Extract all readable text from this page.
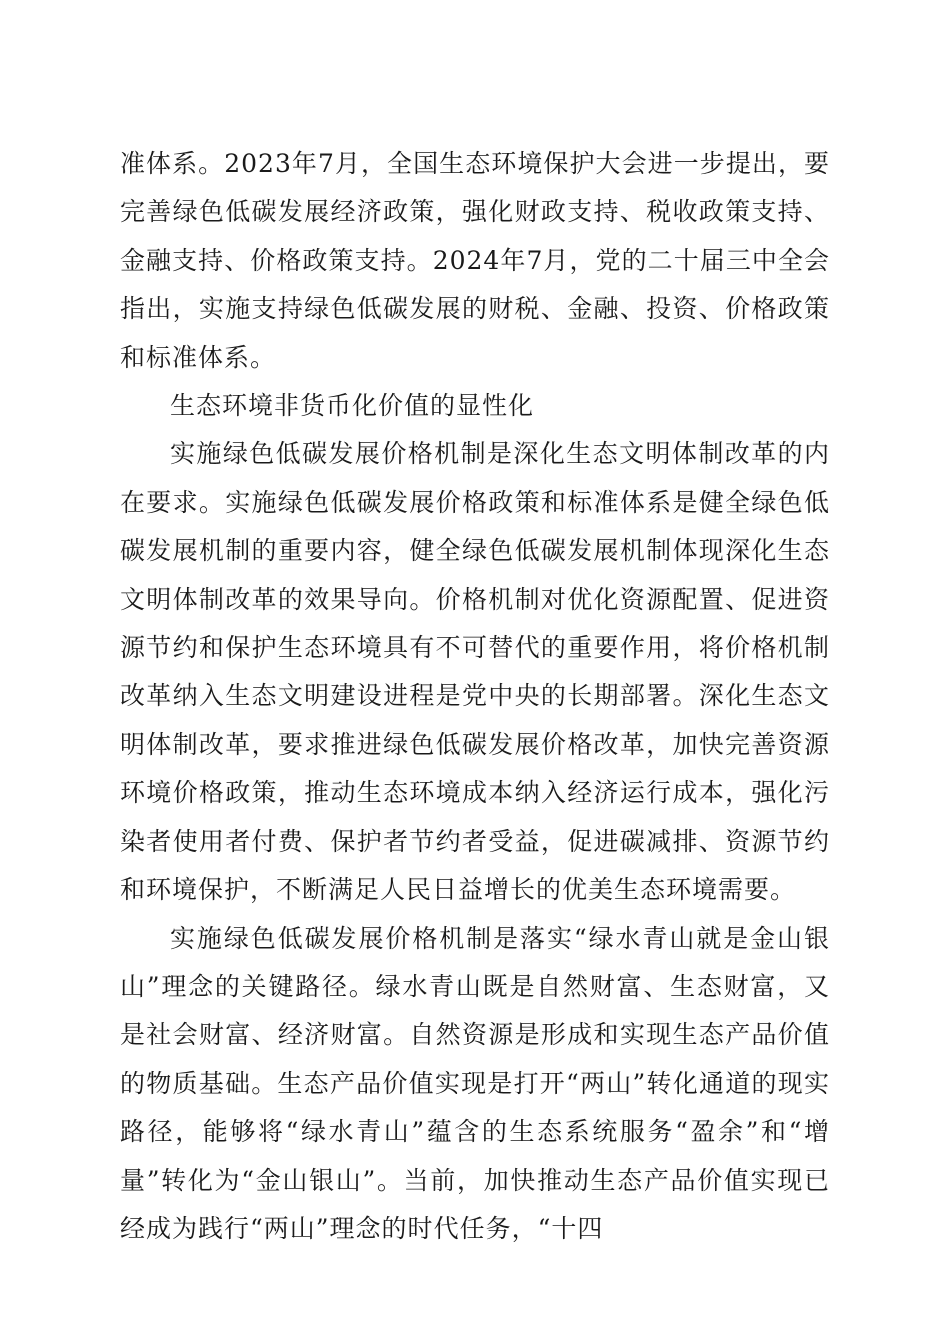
准体系。2023年7月，全国生态环境保护大会进一步提出，要完善绿色低碳发展经济政策，强化财政支持、税收政策支持、金融支持、价格政策支持。2024年7月，党的二十届三中全会指出，实施支持绿色低碳发展的财税、金融、投资、价格政策和标准体系。

生态环境非货币化价值的显性化

实施绿色低碳发展价格机制是深化生态文明体制改革的内在要求。实施绿色低碳发展价格政策和标准体系是健全绿色低碳发展机制的重要内容，健全绿色低碳发展机制体现深化生态文明体制改革的效果导向。价格机制对优化资源配置、促进资源节约和保护生态环境具有不可替代的重要作用，将价格机制改革纳入生态文明建设进程是党中央的长期部署。深化生态文明体制改革，要求推进绿色低碳发展价格改革，加快完善资源环境价格政策，推动生态环境成本纳入经济运行成本，强化污染者使用者付费、保护者节约者受益，促进碳减排、资源节约和环境保护，不断满足人民日益增长的优美生态环境需要。

实施绿色低碳发展价格机制是落实“绿水青山就是金山银山”理念的关键路径。绿水青山既是自然财富、生态财富，又是社会财富、经济财富。自然资源是形成和实现生态产品价值的物质基础。生态产品价值实现是打开“两山”转化通道的现实路径，能够将“绿水青山”蕴含的生态系统服务“盈余”和“增量”转化为“金山银山”。当前，加快推动生态产品价值实现已经成为践行“两山”理念的时代任务，“十四
